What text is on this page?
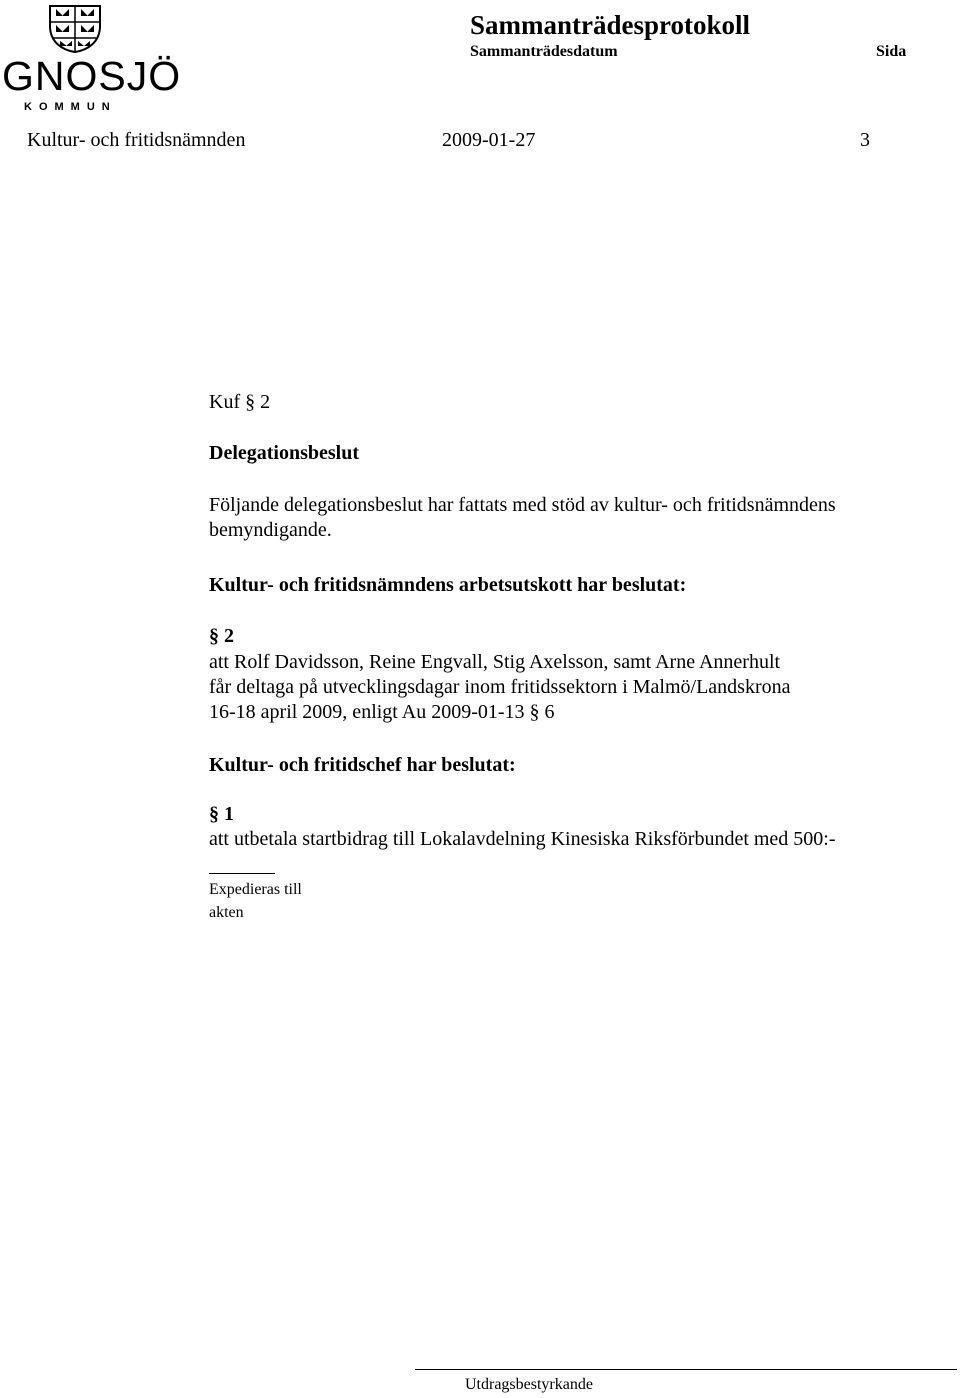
GNOSJÖ
KOMMUN
Sammanträdesprotokoll
Sammanträdesdatum	Sida
Kultur- och fritidsnämnden	2009-01-27	3
Kuf § 2
Delegationsbeslut
Följande delegationsbeslut har fattats med stöd av kultur- och fritidsnämndens
bemyndigande.
Kultur- och fritidsnämndens arbetsutskott har beslutat:
§ 2
att Rolf Davidsson, Reine Engvall, Stig Axelsson, samt Arne Annerhult
får deltaga på utvecklingsdagar inom fritidssektorn i Malmö/Landskrona
16-18 april 2009, enligt Au 2009-01-13 § 6
Kultur- och fritidschef har beslutat:
§ 1
att utbetala startbidrag till Lokalavdelning Kinesiska Riksförbundet med 500:-
Expedieras till
akten
Utdragsbestyrkande
